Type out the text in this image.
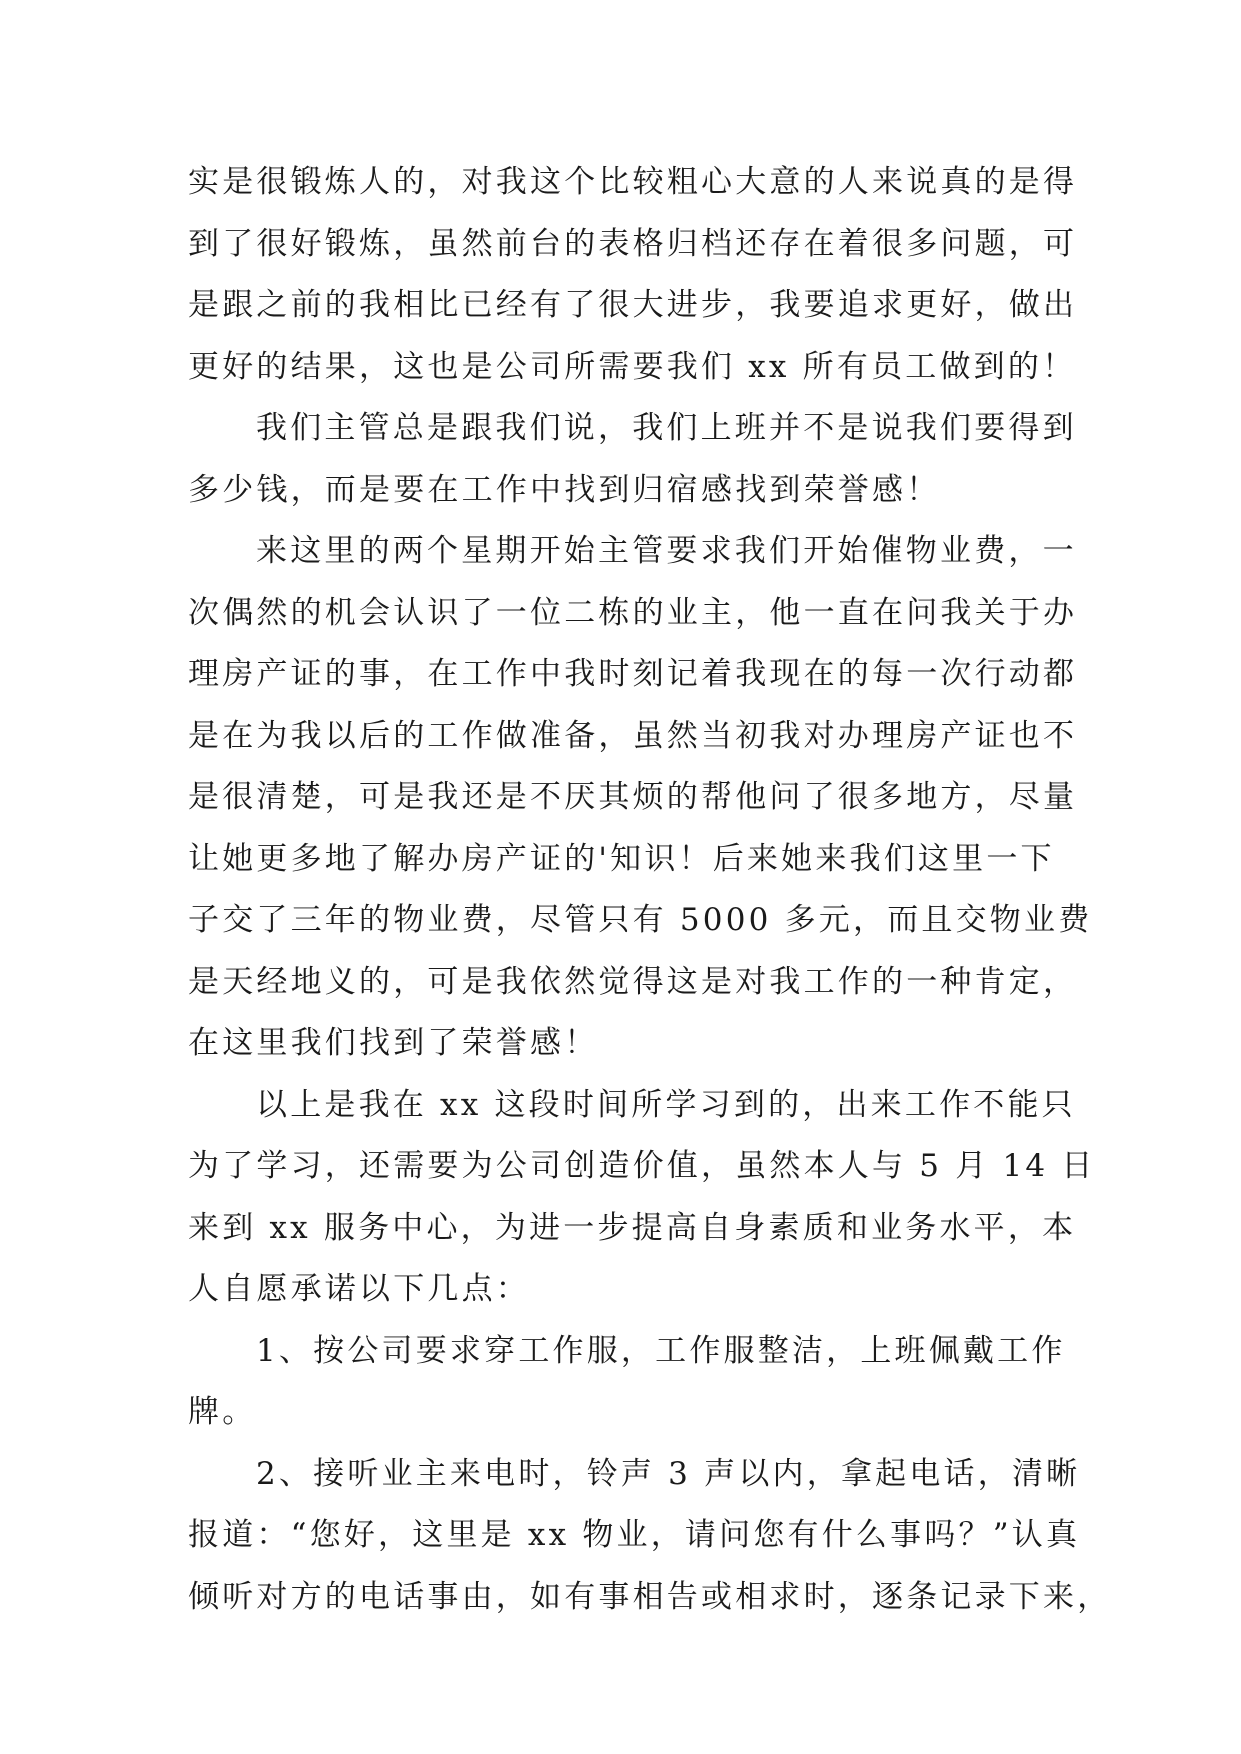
实是很锻炼人的，对我这个比较粗心大意的人来说真的是得
到了很好锻炼，虽然前台的表格归档还存在着很多问题，可
是跟之前的我相比已经有了很大进步，我要追求更好，做出
更好的结果，这也是公司所需要我们 xx 所有员工做到的！
我们主管总是跟我们说，我们上班并不是说我们要得到
多少钱，而是要在工作中找到归宿感找到荣誉感！
来这里的两个星期开始主管要求我们开始催物业费，一
次偶然的机会认识了一位二栋的业主，他一直在问我关于办
理房产证的事，在工作中我时刻记着我现在的每一次行动都
是在为我以后的工作做准备，虽然当初我对办理房产证也不
是很清楚，可是我还是不厌其烦的帮他问了很多地方，尽量
让她更多地了解办房产证的'知识！后来她来我们这里一下
子交了三年的物业费，尽管只有 5000 多元，而且交物业费
是天经地义的，可是我依然觉得这是对我工作的一种肯定，
在这里我们找到了荣誉感！
以上是我在 xx 这段时间所学习到的，出来工作不能只
为了学习，还需要为公司创造价值，虽然本人与 5 月 14 日
来到 xx 服务中心，为进一步提高自身素质和业务水平，本
人自愿承诺以下几点：
1、按公司要求穿工作服，工作服整洁，上班佩戴工作
牌。
2、接听业主来电时，铃声 3 声以内，拿起电话，清晰
报道：“您好，这里是 xx 物业，请问您有什么事吗？”认真
倾听对方的电话事由，如有事相告或相求时，逐条记录下来，
